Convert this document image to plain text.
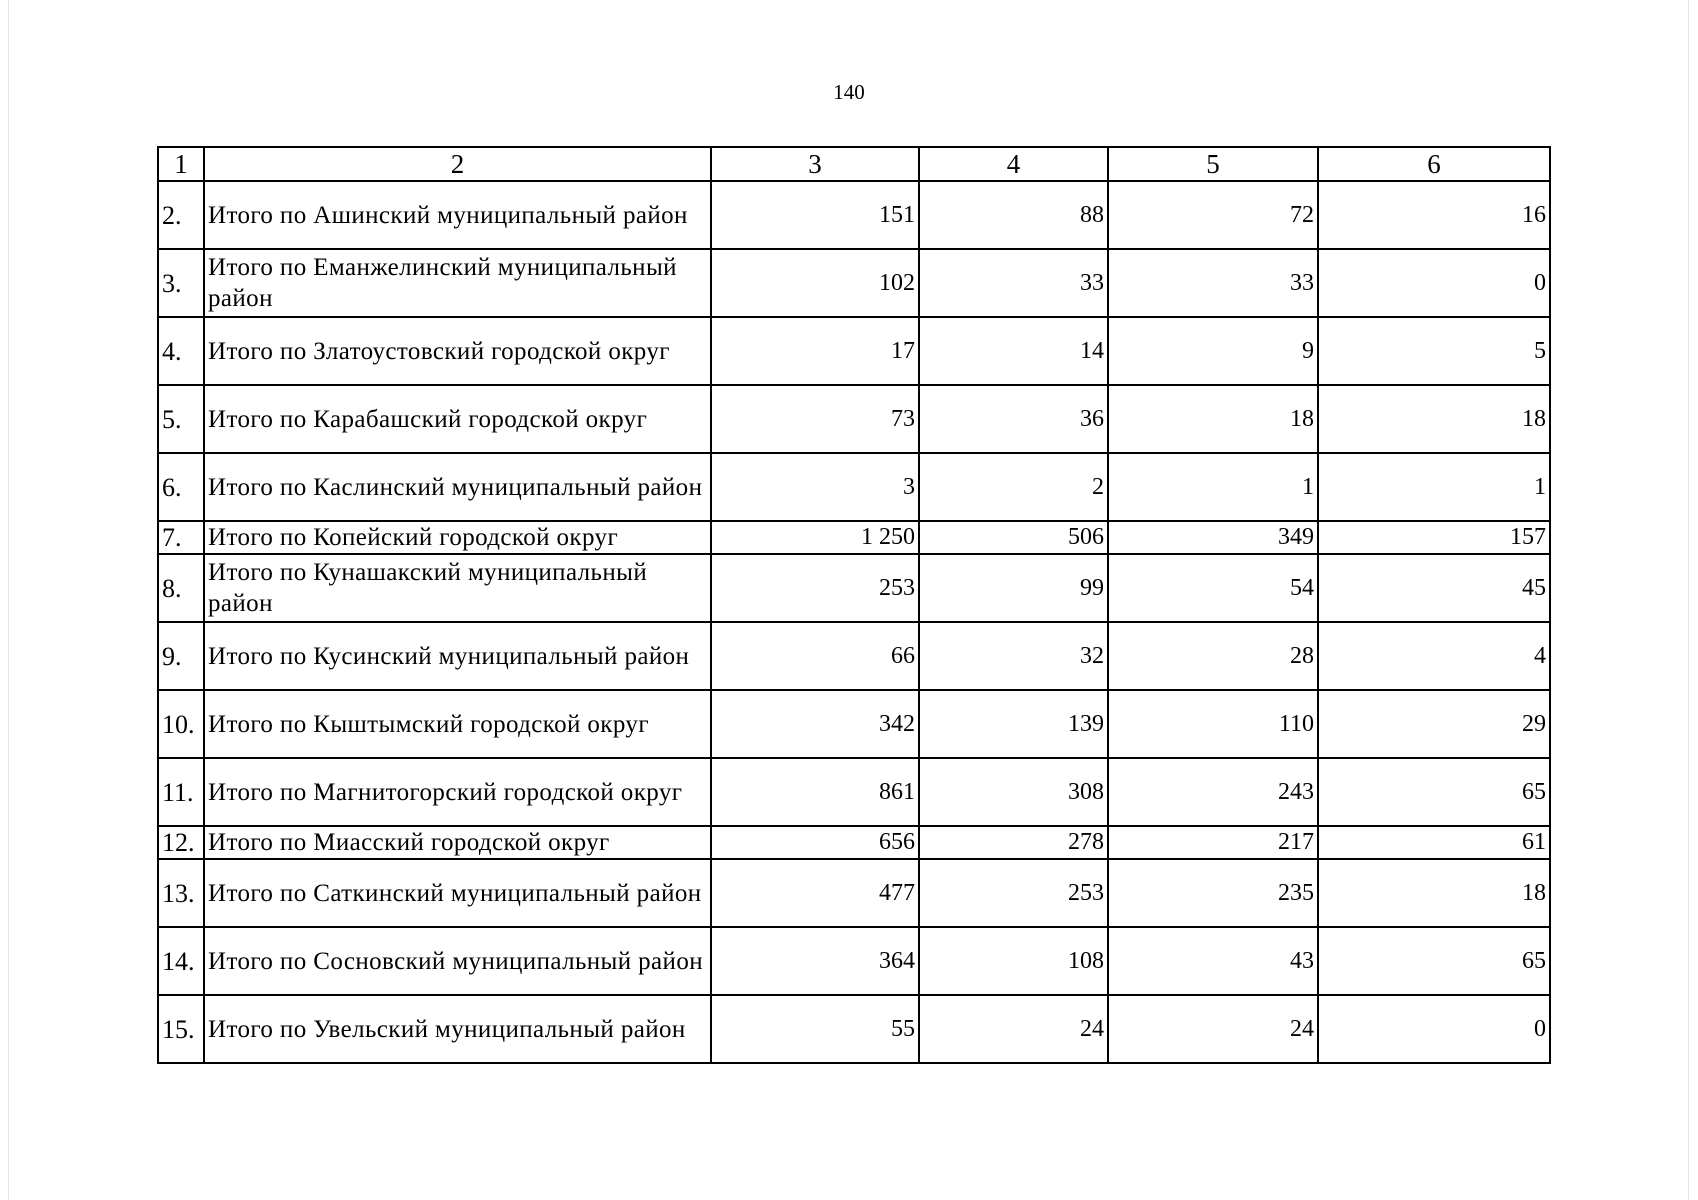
140
1	2	3	4	5	6
2.	Итого по Ашинский муниципальный район	151	88	72	16
3.	Итого по Еманжелинский муниципальный район	102	33	33	0
4.	Итого по Златоустовский городской округ	17	14	9	5
5.	Итого по Карабашский городской округ	73	36	18	18
6.	Итого по Каслинский муниципальный район	3	2	1	1
7.	Итого по Копейский городской округ	1 250	506	349	157
8.	Итого по Кунашакский муниципальный район	253	99	54	45
9.	Итого по Кусинский муниципальный район	66	32	28	4
10.	Итого по Кыштымский городской округ	342	139	110	29
11.	Итого по Магнитогорский городской округ	861	308	243	65
12.	Итого по Миасский городской округ	656	278	217	61
13.	Итого по Саткинский муниципальный район	477	253	235	18
14.	Итого по Сосновский муниципальный район	364	108	43	65
15.	Итого по Увельский муниципальный район	55	24	24	0
